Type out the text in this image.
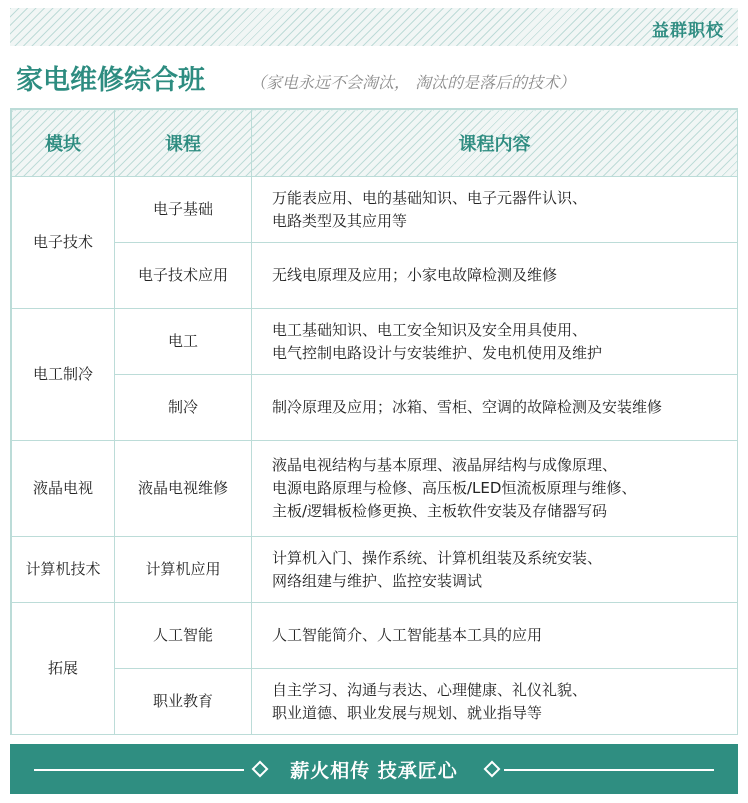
益群职校
家电维修综合班	（家电永远不会淘汰， 淘汰的是落后的技术）
模块	课程	课程内容
电子技术	电子基础	万能表应用、电的基础知识、电子元器件认识、
电路类型及其应用等
	电子技术应用	无线电原理及应用；小家电故障检测及维修
电工制冷	电工	电工基础知识、电工安全知识及安全用具使用、
电气控制电路设计与安装维护、发电机使用及维护
	制冷	制冷原理及应用；冰箱、雪柜、空调的故障检测及安装维修
液晶电视	液晶电视维修	液晶电视结构与基本原理、液晶屏结构与成像原理、
电源电路原理与检修、高压板/LED恒流板原理与维修、
主板/逻辑板检修更换、主板软件安装及存储器写码
计算机技术	计算机应用	计算机入门、操作系统、计算机组装及系统安装、
网络组建与维护、监控安装调试
拓展	人工智能	人工智能简介、人工智能基本工具的应用
	职业教育	自主学习、沟通与表达、心理健康、礼仪礼貌、
职业道德、职业发展与规划、就业指导等
薪火相传 技承匠心
